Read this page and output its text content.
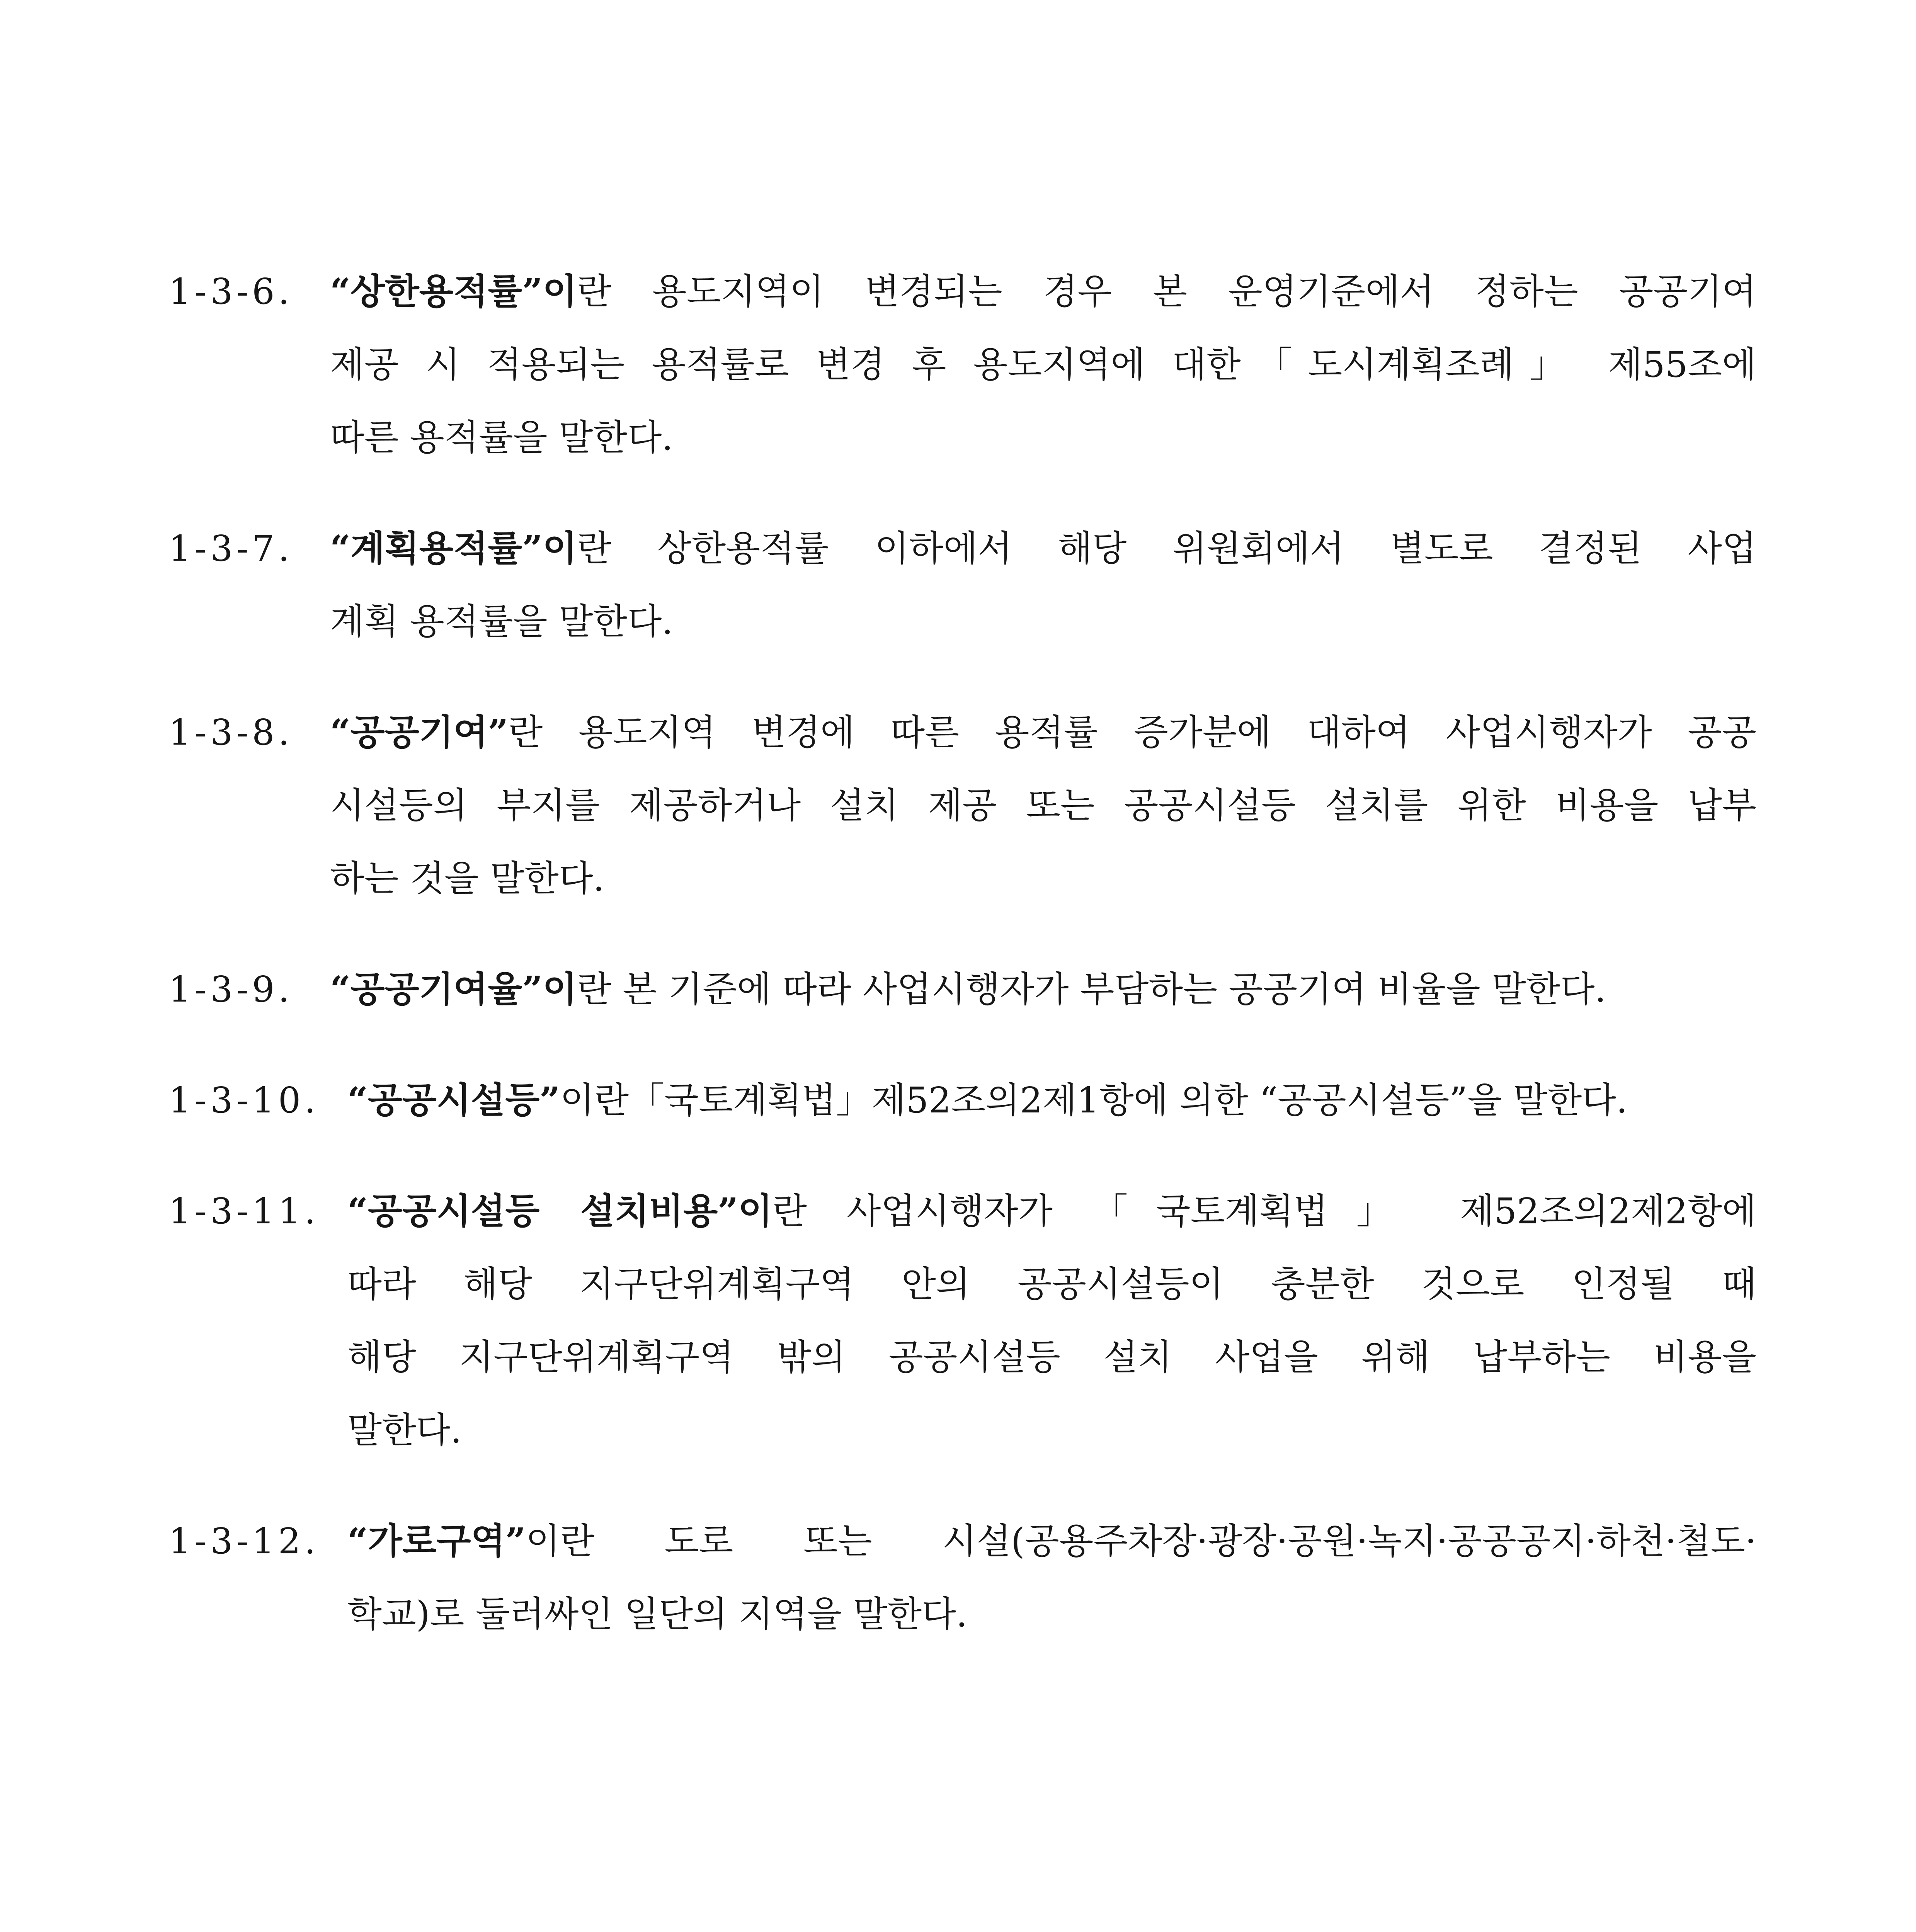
1-3-6.	“상한용적률”이란 용도지역이 변경되는 경우 본 운영기준에서 정하는 공공기여
제공 시 적용되는 용적률로 변경 후 용도지역에 대한「도시계획조례」 제55조에
따른 용적률을 말한다.
1-3-7.	“계획용적률”이란 상한용적률 이하에서 해당 위원회에서 별도로 결정된 사업
계획 용적률을 말한다.
1-3-8.	“공공기여”란 용도지역 변경에 따른 용적률 증가분에 대하여 사업시행자가 공공
시설등의 부지를 제공하거나 설치 제공 또는 공공시설등 설치를 위한 비용을 납부
하는 것을 말한다.
1-3-9.	“공공기여율”이란 본 기준에 따라 사업시행자가 부담하는 공공기여 비율을 말한다.
1-3-10. “공공시설등”이란「국토계획법」제52조의2제1항에 의한 “공공시설등”을 말한다.
1-3-11. “공공시설등 설치비용”이란 사업시행자가 「국토계획법」 제52조의2제2항에
따라 해당 지구단위계획구역 안의 공공시설등이 충분한 것으로 인정될 때
해당 지구단위계획구역 밖의 공공시설등 설치 사업을 위해 납부하는 비용을
말한다.
1-3-12. “가로구역”이란 도로 또는 시설(공용주차장·광장·공원·녹지·공공공지·하천·철도·
학교)로 둘러싸인 일단의 지역을 말한다.
